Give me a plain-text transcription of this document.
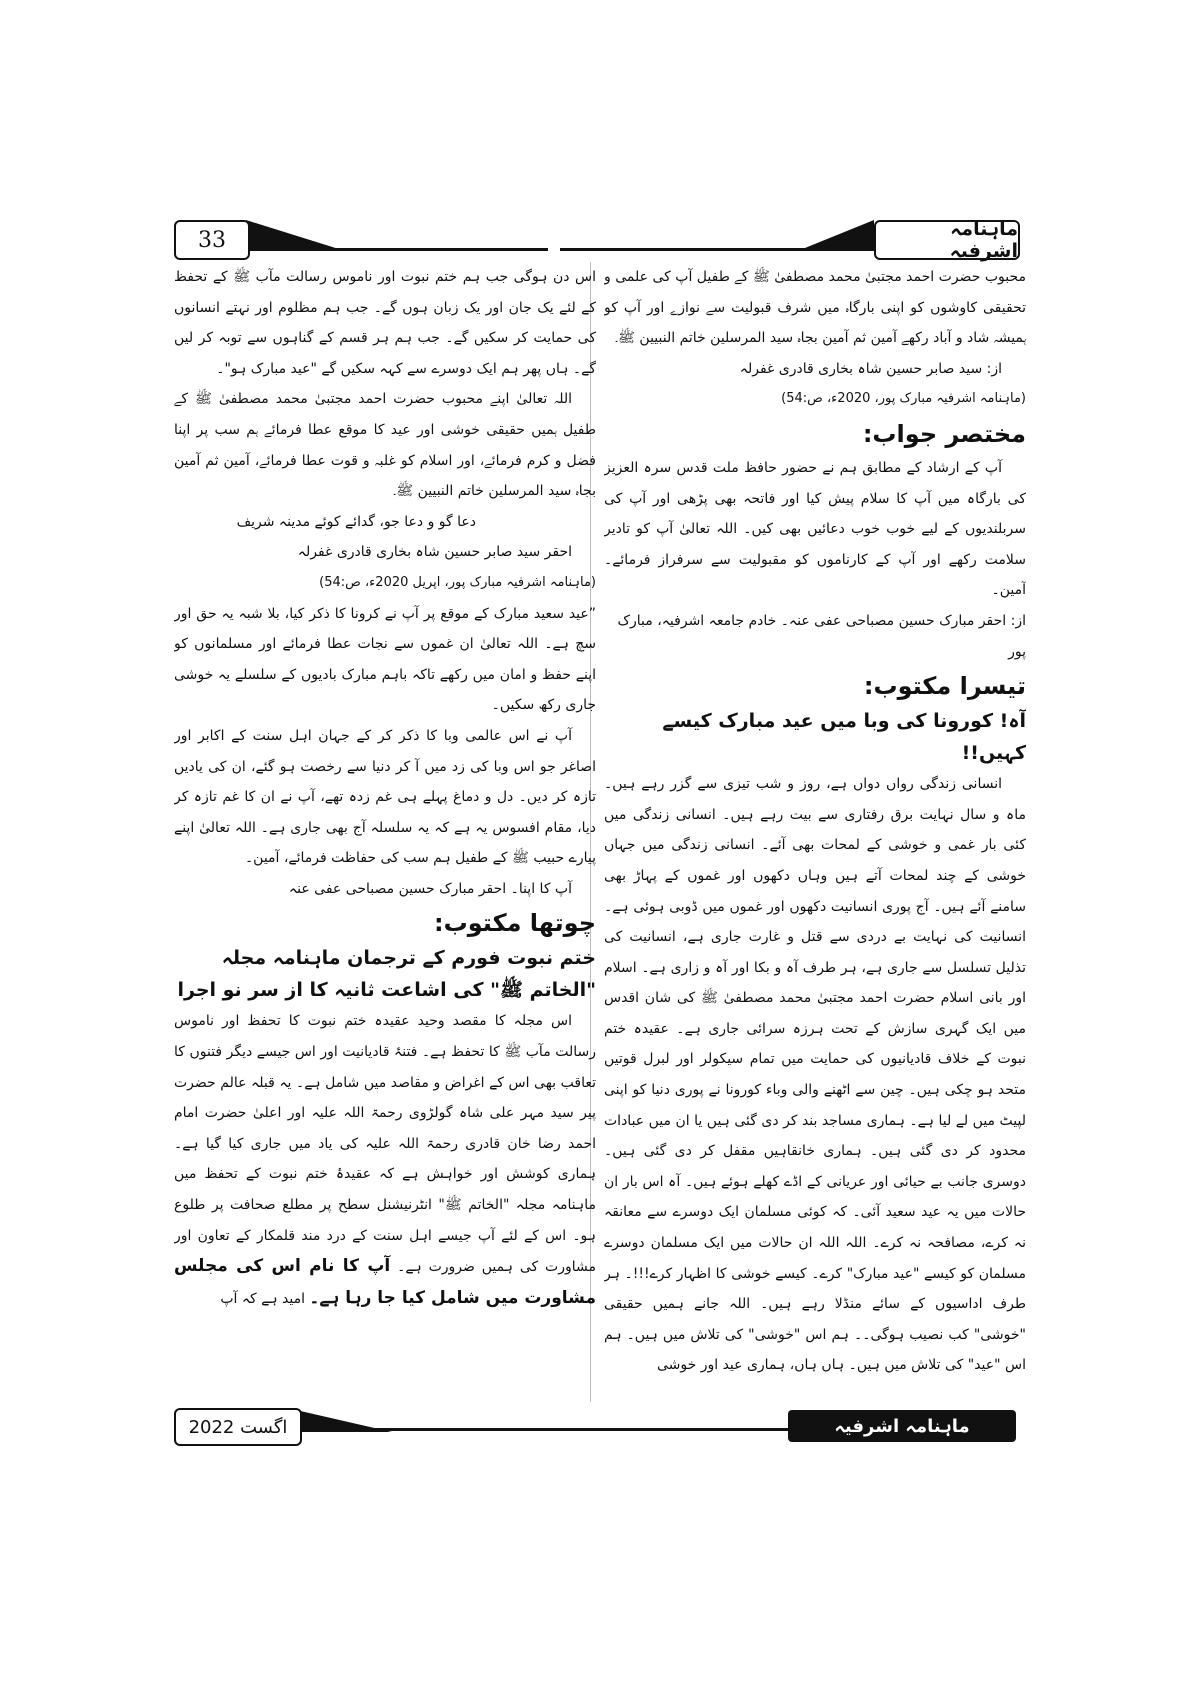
33	ماہنامہ اشرفیہ

محبوب حضرت احمد مجتبیٰ محمد مصطفیٰ ﷺ کے طفیل آپ کی علمی و تحقیقی کاوشوں کو اپنی بارگاہ میں شرف قبولیت سے نوازے اور آپ کو ہمیشہ شاد و آباد رکھے آمین ثم آمین بجاہ سید المرسلین خاتم النبیین ﷺ۔

از: سید صابر حسین شاہ بخاری قادری غفرلہ

(ماہنامہ اشرفیہ مبارک پور، 2020ء، ص:54)

مختصر جواب:

آپ کے ارشاد کے مطابق ہم نے حضور حافظ ملت قدس سرہ العزیز کی بارگاہ میں آپ کا سلام پیش کیا اور فاتحہ بھی پڑھی اور آپ کی سربلندیوں کے لیے خوب خوب دعائیں بھی کیں۔ اللہ تعالیٰ آپ کو تادیر سلامت رکھے اور آپ کے کارناموں کو مقبولیت سے سرفراز فرمائے۔ آمین۔

از: احقر مبارک حسین مصباحی عفی عنہ۔ خادم جامعہ اشرفیہ، مبارک پور

تیسرا مکتوب:

آہ! کورونا کی وبا میں عید مبارک کیسے کہیں!!

انسانی زندگی رواں دواں ہے، روز و شب تیزی سے گزر رہے ہیں۔ ماہ و سال نہایت برق رفتاری سے بیت رہے ہیں۔ انسانی زندگی میں کئی بار غمی و خوشی کے لمحات بھی آئے۔ انسانی زندگی میں جہاں خوشی کے چند لمحات آتے ہیں وہاں دکھوں اور غموں کے پہاڑ بھی سامنے آئے ہیں۔ آج پوری انسانیت دکھوں اور غموں میں ڈوبی ہوئی ہے۔ انسانیت کی نہایت بے دردی سے قتل و غارت جاری ہے، انسانیت کی تذلیل تسلسل سے جاری ہے، ہر طرف آہ و بکا اور آہ و زاری ہے۔ اسلام اور بانی اسلام حضرت احمد مجتبیٰ محمد مصطفیٰ ﷺ کی شان اقدس میں ایک گہری سازش کے تحت ہرزہ سرائی جاری ہے۔ عقیدہ ختم نبوت کے خلاف قادیانیوں کی حمایت میں تمام سیکولر اور لبرل قوتیں متحد ہو چکی ہیں۔ چین سے اٹھنے والی وباء کورونا نے پوری دنیا کو اپنی لپیٹ میں لے لیا ہے۔ ہماری مساجد بند کر دی گئی ہیں یا ان میں عبادات محدود کر دی گئی ہیں۔ ہماری خانقاہیں مقفل کر دی گئی ہیں۔ دوسری جانب بے حیائی اور عریانی کے اڈے کھلے ہوئے ہیں۔ آہ اس بار ان حالات میں یہ عید سعید آئی۔ کہ کوئی مسلمان ایک دوسرے سے معانقہ نہ کرے، مصافحہ نہ کرے۔ اللہ اللہ ان حالات میں ایک مسلمان دوسرے مسلمان کو کیسے "عید مبارک" کرے۔ کیسے خوشی کا اظہار کرے!!!۔ ہر طرف اداسیوں کے سائے منڈلا رہے ہیں۔ اللہ جانے ہمیں حقیقی "خوشی" کب نصیب ہوگی۔۔ ہم اس "خوشی" کی تلاش میں ہیں۔ ہم اس "عید" کی تلاش میں ہیں۔ ہاں ہاں، ہماری عید اور خوشی

اس دن ہوگی جب ہم ختم نبوت اور ناموس رسالت مآب ﷺ کے تحفظ کے لئے یک جان اور یک زبان ہوں گے۔ جب ہم مظلوم اور نہتے انسانوں کی حمایت کر سکیں گے۔ جب ہم ہر قسم کے گناہوں سے توبہ کر لیں گے۔ ہاں پھر ہم ایک دوسرے سے کہہ سکیں گے "عید مبارک ہو"۔

اللہ تعالیٰ اپنے محبوب حضرت احمد مجتبیٰ محمد مصطفیٰ ﷺ کے طفیل ہمیں حقیقی خوشی اور عید کا موقع عطا فرمائے ہم سب پر اپنا فضل و کرم فرمائے، اور اسلام کو غلبہ و قوت عطا فرمائے، آمین ثم آمین بجاہ سید المرسلین خاتم النبیین ﷺ۔

دعا گو و دعا جو، گدائے کوئے مدینہ شریف

احقر سید صابر حسین شاہ بخاری قادری غفرلہ

(ماہنامہ اشرفیہ مبارک پور، اپریل 2020ء، ص:54)

”عید سعید مبارک کے موقع پر آپ نے کرونا کا ذکر کیا، بلا شبہ یہ حق اور سچ ہے۔ اللہ تعالیٰ ان غموں سے نجات عطا فرمائے اور مسلمانوں کو اپنے حفظ و امان میں رکھے تاکہ باہم مبارک بادیوں کے سلسلے یہ خوشی جاری رکھ سکیں۔

آپ نے اس عالمی وبا کا ذکر کر کے جہان اہل سنت کے اکابر اور اصاغر جو اس وبا کی زد میں آ کر دنیا سے رخصت ہو گئے، ان کی یادیں تازہ کر دیں۔ دل و دماغ پہلے ہی غم زدہ تھے، آپ نے ان کا غم تازہ کر دیا، مقام افسوس یہ ہے کہ یہ سلسلہ آج بھی جاری ہے۔ اللہ تعالیٰ اپنے پیارے حبیب ﷺ کے طفیل ہم سب کی حفاظت فرمائے، آمین۔

آپ کا اپنا۔ احقر مبارک حسین مصباحی عفی عنہ

چوتھا مکتوب:

ختم نبوت فورم کے ترجمان ماہنامہ مجلہ "الخاتم ﷺ" کی اشاعت ثانیہ کا از سر نو اجرا

اس مجلہ کا مقصد وحید عقیدہ ختم نبوت کا تحفظ اور ناموس رسالت مآب ﷺ کا تحفظ ہے۔ فتنۂ قادیانیت اور اس جیسے دیگر فتنوں کا تعاقب بھی اس کے اغراض و مقاصد میں شامل ہے۔ یہ قبلہ عالم حضرت پیر سید مہر علی شاہ گولڑوی رحمۃ اللہ علیہ اور اعلیٰ حضرت امام احمد رضا خان قادری رحمۃ اللہ علیہ کی یاد میں جاری کیا گیا ہے۔ ہماری کوشش اور خواہش ہے کہ عقیدۂ ختم نبوت کے تحفظ میں ماہنامہ مجلہ "الخاتم ﷺ" انٹرنیشنل سطح پر مطلع صحافت پر طلوع ہو۔ اس کے لئے آپ جیسے اہل سنت کے درد مند قلمکار کے تعاون اور مشاورت کی ہمیں ضرورت ہے۔ آپ کا نام اس کی مجلس مشاورت میں شامل کیا جا رہا ہے۔ امید ہے کہ آپ

اگست 2022	ماہنامہ اشرفیہ
